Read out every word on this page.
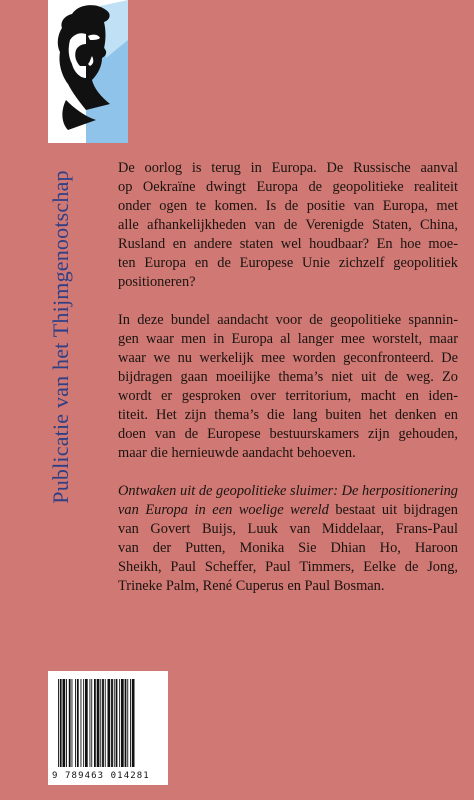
Publicatie van het Thijmgenootschap

De oorlog is terug in Europa. De Russische aanval
op Oekraïne dwingt Europa de geopolitieke realiteit
onder ogen te komen. Is de positie van Europa, met
alle afhankelijkheden van de Verenigde Staten, China,
Rusland en andere staten wel houdbaar? En hoe moe-
ten Europa en de Europese Unie zichzelf geopolitiek
positioneren?

In deze bundel aandacht voor de geopolitieke spannin-
gen waar men in Europa al langer mee worstelt, maar
waar we nu werkelijk mee worden geconfronteerd. De
bijdragen gaan moeilijke thema’s niet uit de weg. Zo
wordt er gesproken over territorium, macht en iden-
titeit. Het zijn thema’s die lang buiten het denken en
doen van de Europese bestuurskamers zijn gehouden,
maar die hernieuwde aandacht behoeven.

Ontwaken uit de geopolitieke sluimer: De herpositionering
van Europa in een woelige wereld bestaat uit bijdragen
van Govert Buijs, Luuk van Middelaar, Frans-Paul
van der Putten, Monika Sie Dhian Ho, Haroon
Sheikh, Paul Scheffer, Paul Timmers, Eelke de Jong,
Trineke Palm, René Cuperus en Paul Bosman.

9 789463 014281
